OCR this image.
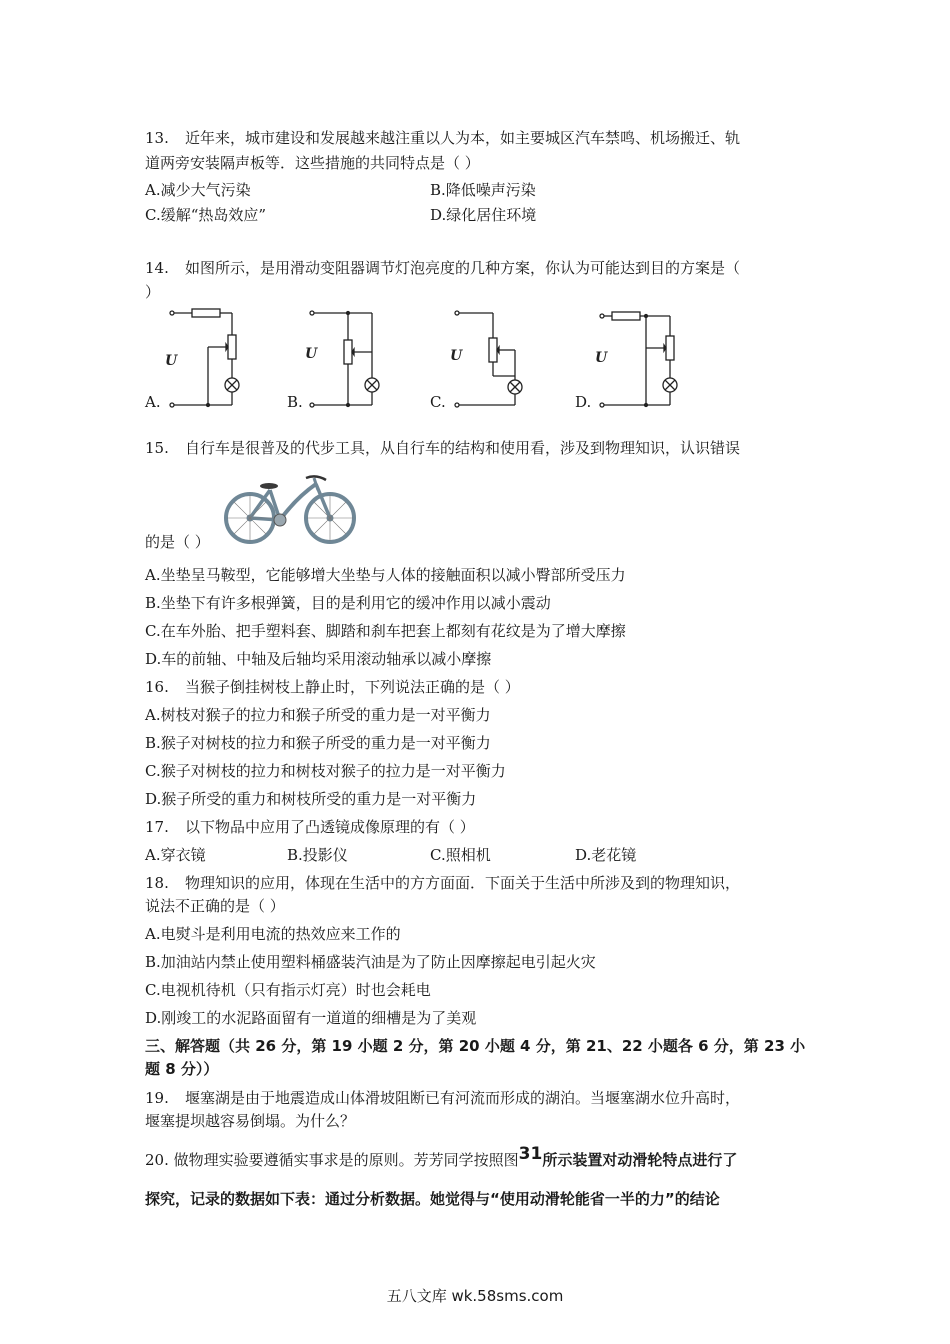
13. 近年来，城市建设和发展越来越注重以人为本，如主要城区汽车禁鸣、机场搬迁、轨
道两旁安装隔声板等．这些措施的共同特点是（ ）
A.减少大气污染	B.降低噪声污染
C.缓解“热岛效应”	D.绿化居住环境
14. 如图所示，是用滑动变阻器调节灯泡亮度的几种方案，你认为可能达到目的方案是（
）
U
A.
U
B.
U
C.
U
D.
15. 自行车是很普及的代步工具，从自行车的结构和使用看，涉及到物理知识，认识错误
的是（ ）
A.坐垫呈马鞍型，它能够增大坐垫与人体的接触面积以减小臀部所受压力
B.坐垫下有许多根弹簧，目的是利用它的缓冲作用以减小震动
C.在车外胎、把手塑料套、脚踏和刹车把套上都刻有花纹是为了增大摩擦
D.车的前轴、中轴及后轴均采用滚动轴承以减小摩擦
16. 当猴子倒挂树枝上静止时，下列说法正确的是（ ）
A.树枝对猴子的拉力和猴子所受的重力是一对平衡力
B.猴子对树枝的拉力和猴子所受的重力是一对平衡力
C.猴子对树枝的拉力和树枝对猴子的拉力是一对平衡力
D.猴子所受的重力和树枝所受的重力是一对平衡力
17. 以下物品中应用了凸透镜成像原理的有（ ）
A.穿衣镜	B.投影仪	C.照相机	D.老花镜
18. 物理知识的应用，体现在生活中的方方面面．下面关于生活中所涉及到的物理知识，
说法不正确的是（ ）
A.电熨斗是利用电流的热效应来工作的
B.加油站内禁止使用塑料桶盛装汽油是为了防止因摩擦起电引起火灾
C.电视机待机（只有指示灯亮）时也会耗电
D.刚竣工的水泥路面留有一道道的细槽是为了美观
三、解答题（共 26 分，第 19 小题 2 分，第 20 小题 4 分，第 21、22 小题各 6 分，第 23 小
题 8 分））
19. 堰塞湖是由于地震造成山体滑坡阻断已有河流而形成的湖泊。当堰塞湖水位升高时，
堰塞提坝越容易倒塌。为什么？
20. 做物理实验要遵循实事求是的原则。芳芳同学按照图31所示装置对动滑轮特点进行了
探究，记录的数据如下表：通过分析数据。她觉得与“使用动滑轮能省一半的力”的结论
五八文库 wk.58sms.com
